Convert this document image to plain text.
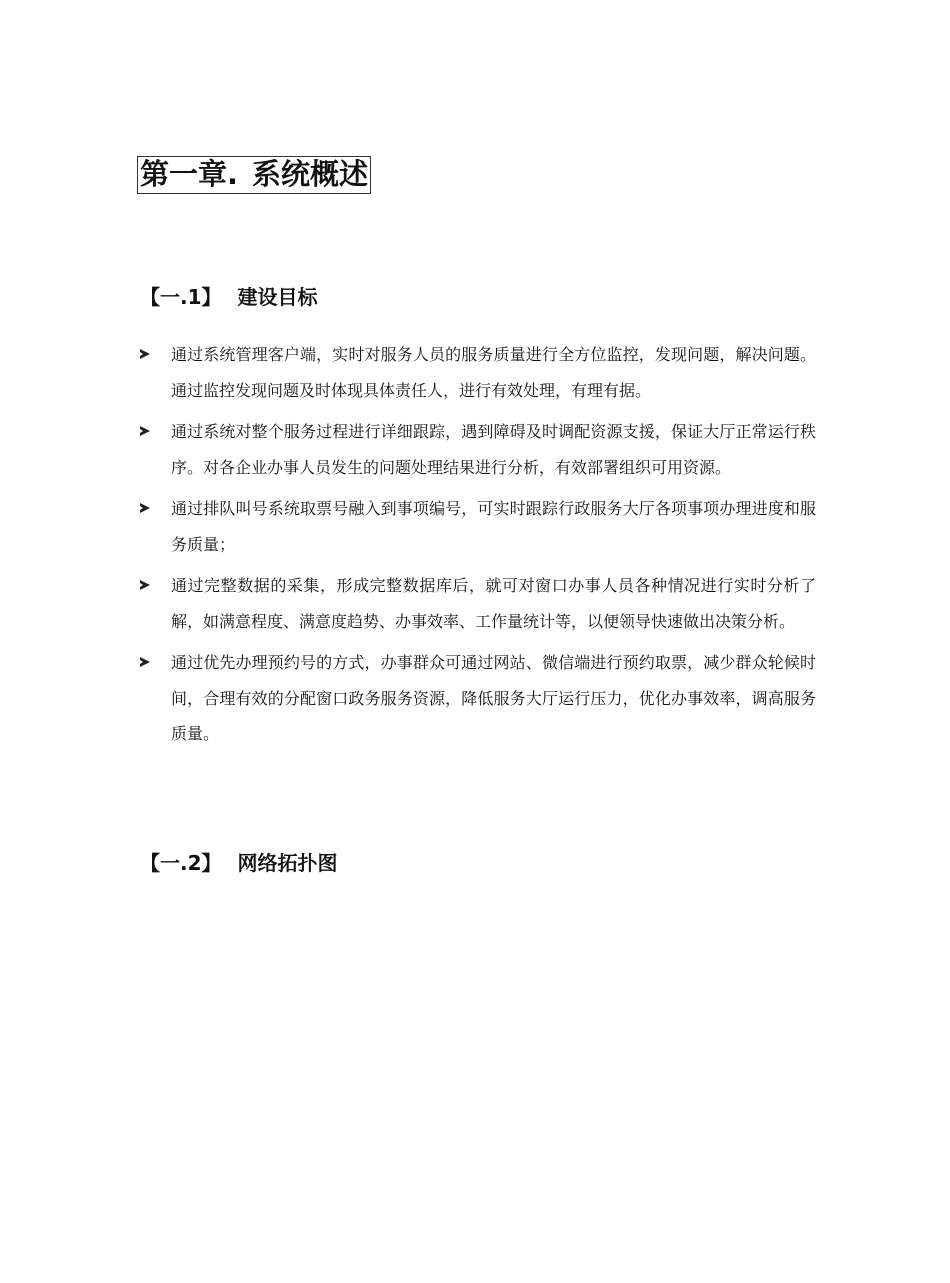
第一章. 系统概述
【一.1】 建设目标
通过系统管理客户端，实时对服务人员的服务质量进行全方位监控，发现问题，解决问题。通过监控发现问题及时体现具体责任人，进行有效处理，有理有据。
通过系统对整个服务过程进行详细跟踪，遇到障碍及时调配资源支援，保证大厅正常运行秩序。对各企业办事人员发生的问题处理结果进行分析，有效部署组织可用资源。
通过排队叫号系统取票号融入到事项编号，可实时跟踪行政服务大厅各项事项办理进度和服务质量；
通过完整数据的采集，形成完整数据库后，就可对窗口办事人员各种情况进行实时分析了解，如满意程度、满意度趋势、办事效率、工作量统计等，以便领导快速做出决策分析。
通过优先办理预约号的方式，办事群众可通过网站、微信端进行预约取票，减少群众轮候时间，合理有效的分配窗口政务服务资源，降低服务大厅运行压力，优化办事效率，调高服务质量。
【一.2】 网络拓扑图
